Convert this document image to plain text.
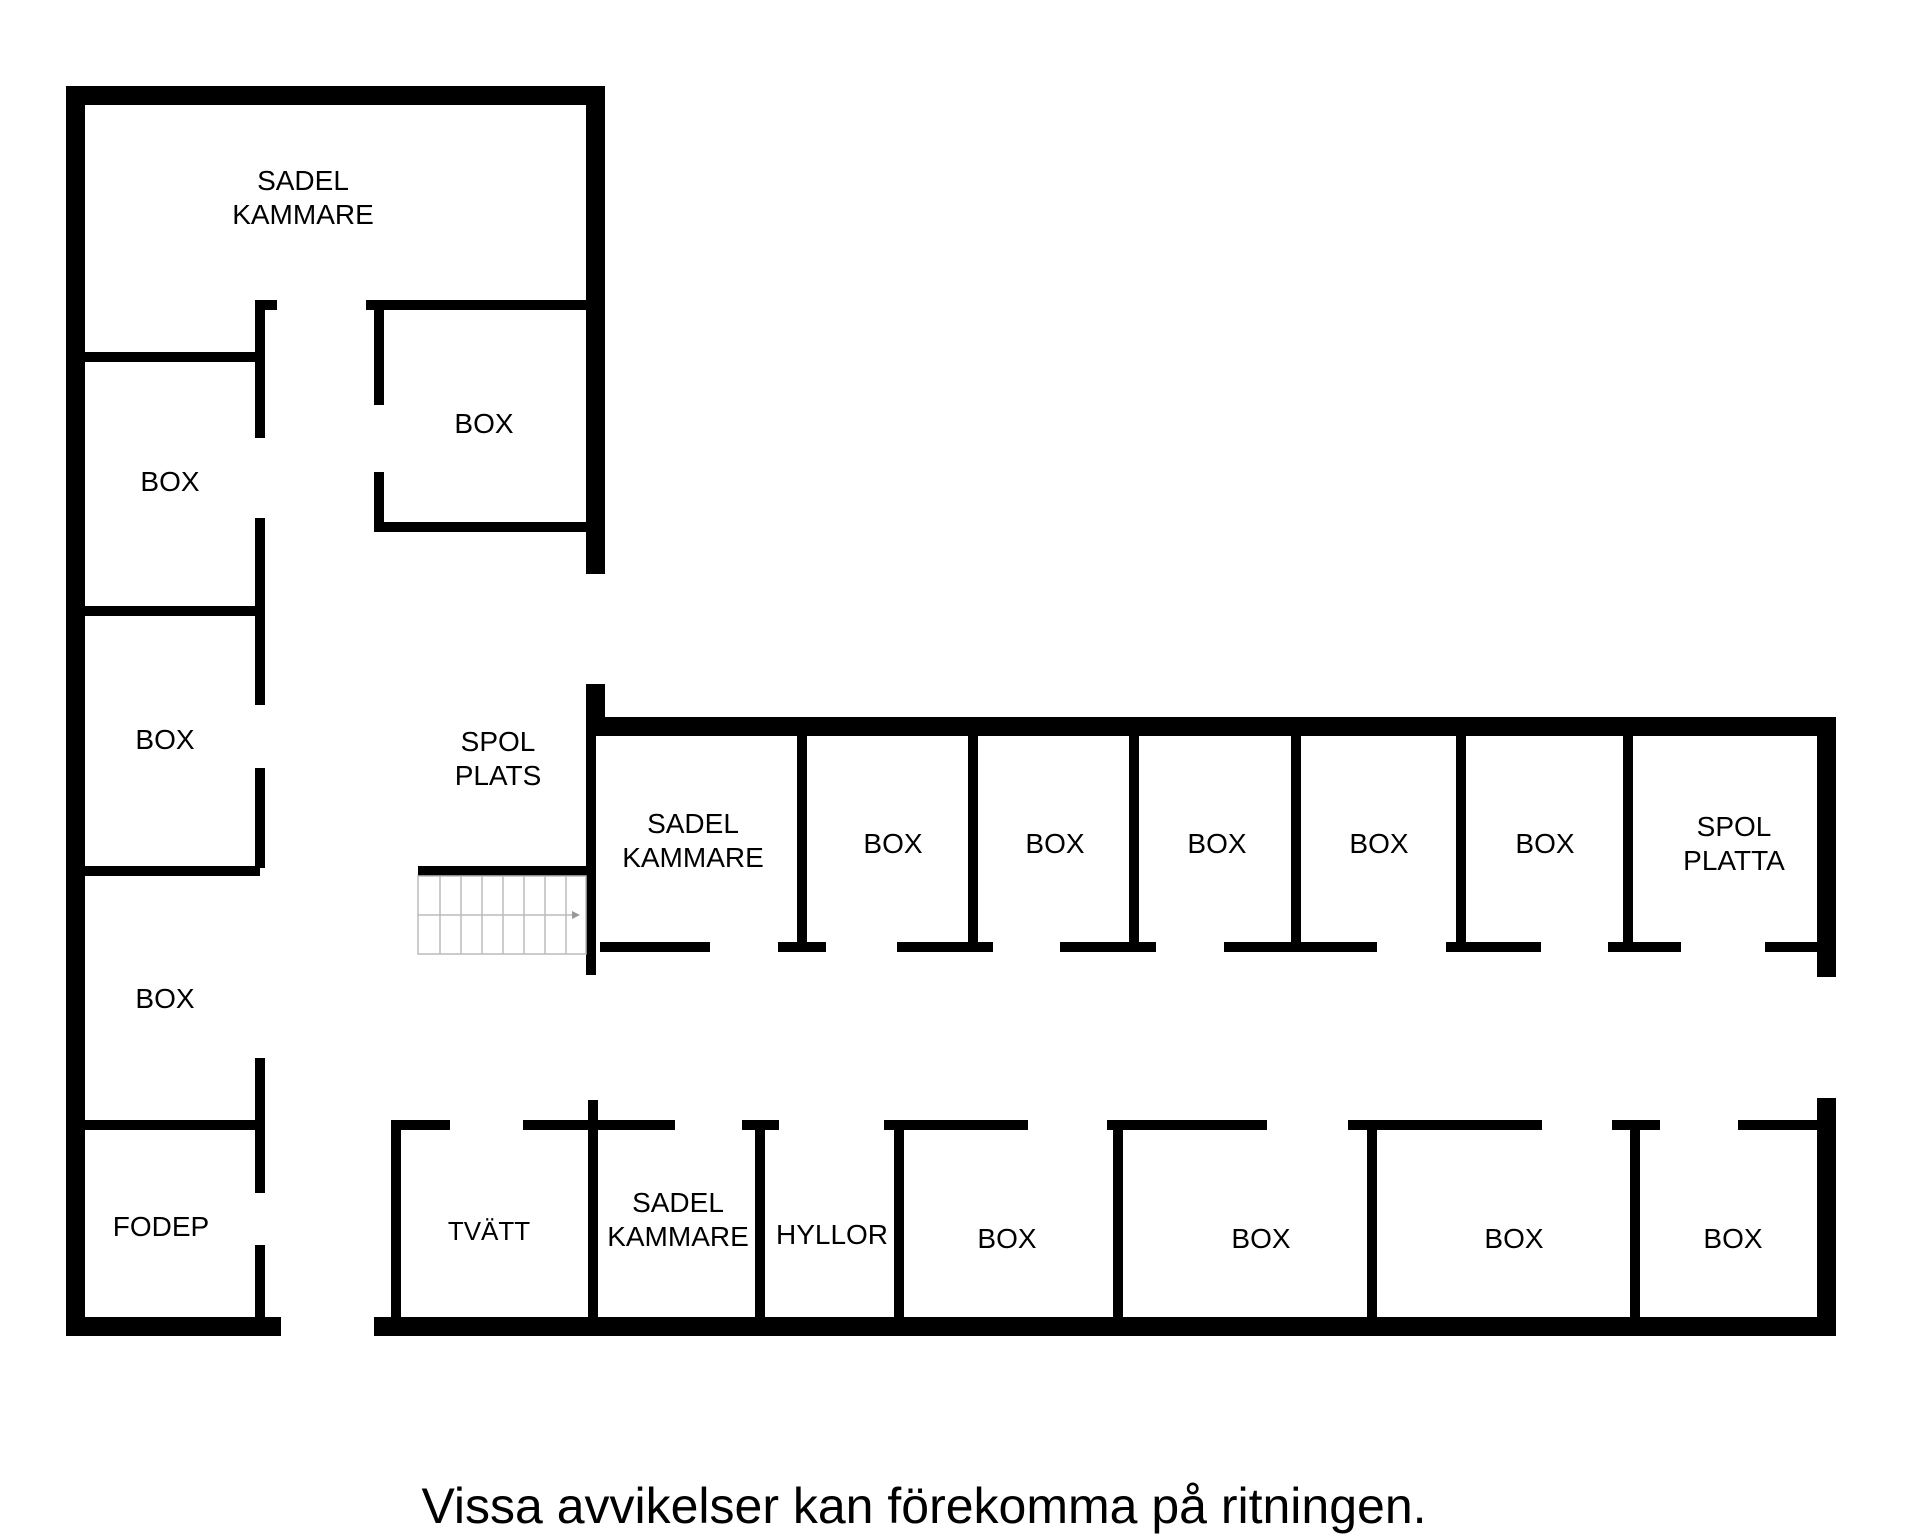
SADEL
KAMMARE
BOX
BOX
BOX
FODEP
BOX
SPOL
PLATS
SADEL
KAMMARE	BOX	BOX	BOX	BOX	BOX
SPOL
PLATTA
TVÄTT
SADEL
KAMMARE HYLLOR	BOX	BOX	BOX	BOX
Vissa avvikelser kan förekomma på ritningen.
